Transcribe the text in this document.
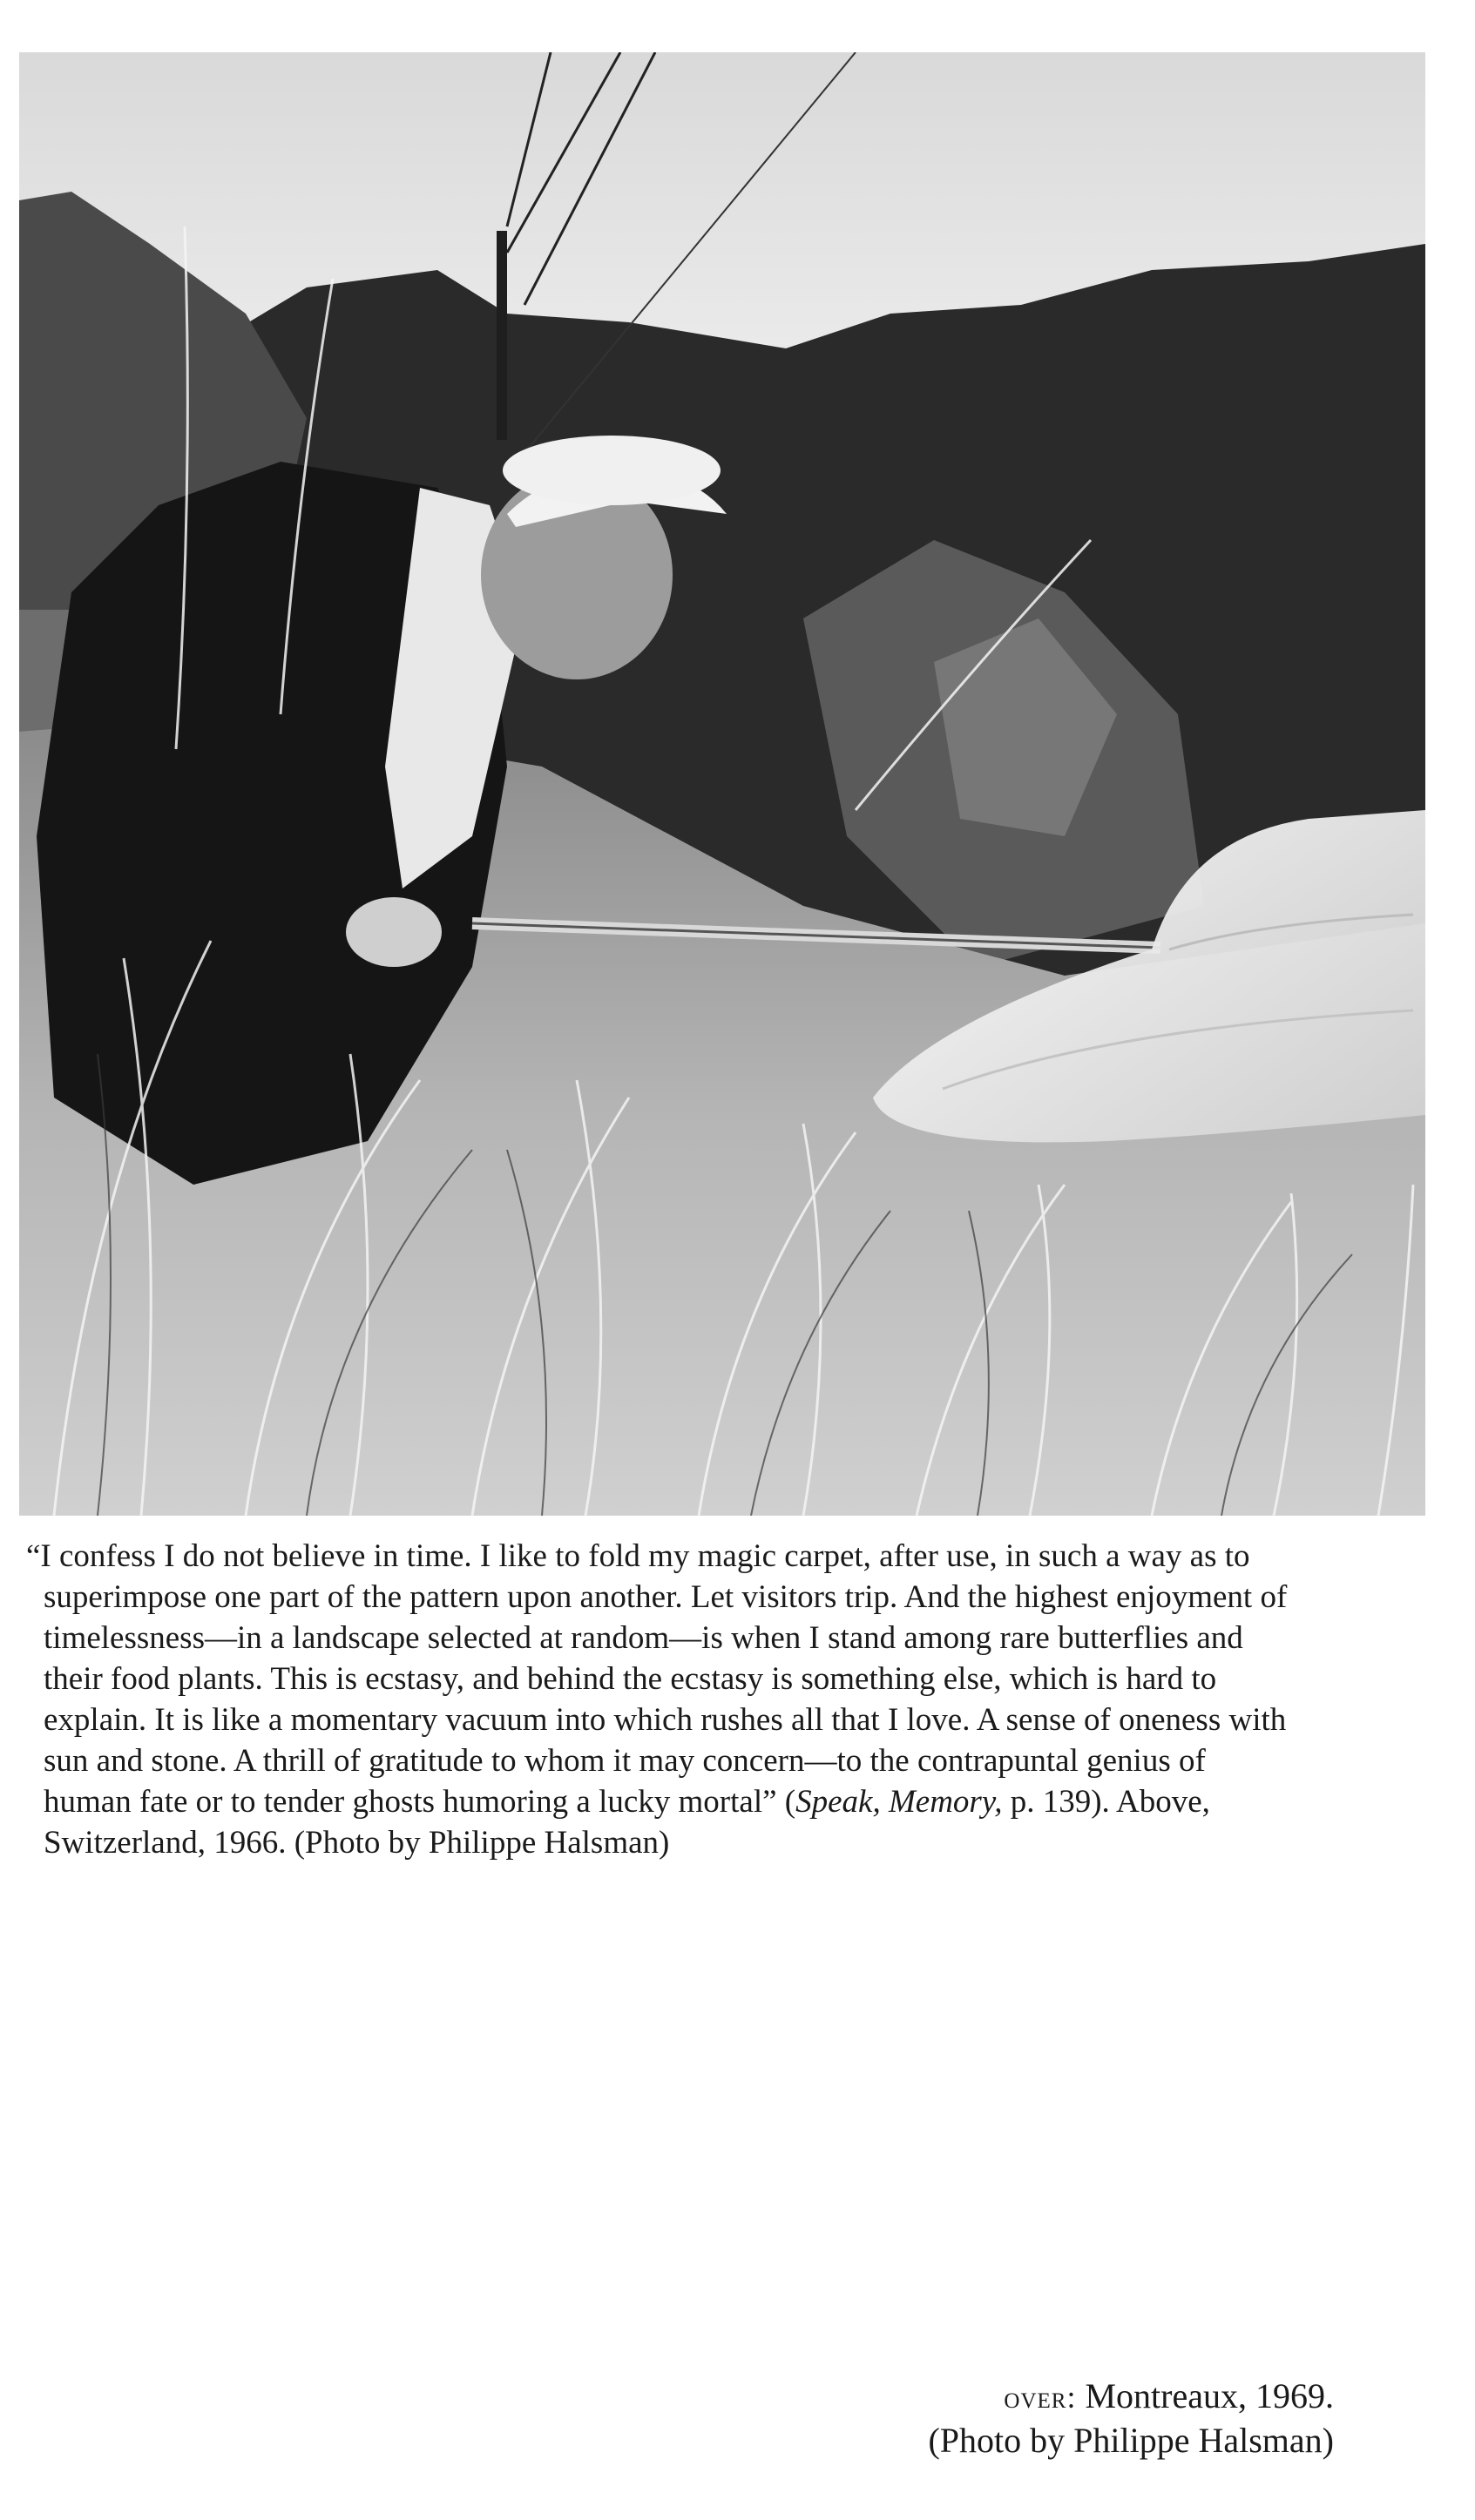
“I confess I do not believe in time. I like to fold my magic carpet, after use, in such a way as to superimpose one part of the pattern upon another. Let visitors trip. And the highest enjoyment of timelessness—in a landscape selected at random—is when I stand among rare butterflies and their food plants. This is ecstasy, and behind the ecstasy is something else, which is hard to explain. It is like a momentary vacuum into which rushes all that I love. A sense of oneness with sun and stone. A thrill of gratitude to whom it may concern—to the contrapuntal genius of human fate or to tender ghosts humoring a lucky mortal” (Speak, Memory, p. 139). Above, Switzerland, 1966. (Photo by Philippe Halsman)
over: Montreaux, 1969.
(Photo by Philippe Halsman)
